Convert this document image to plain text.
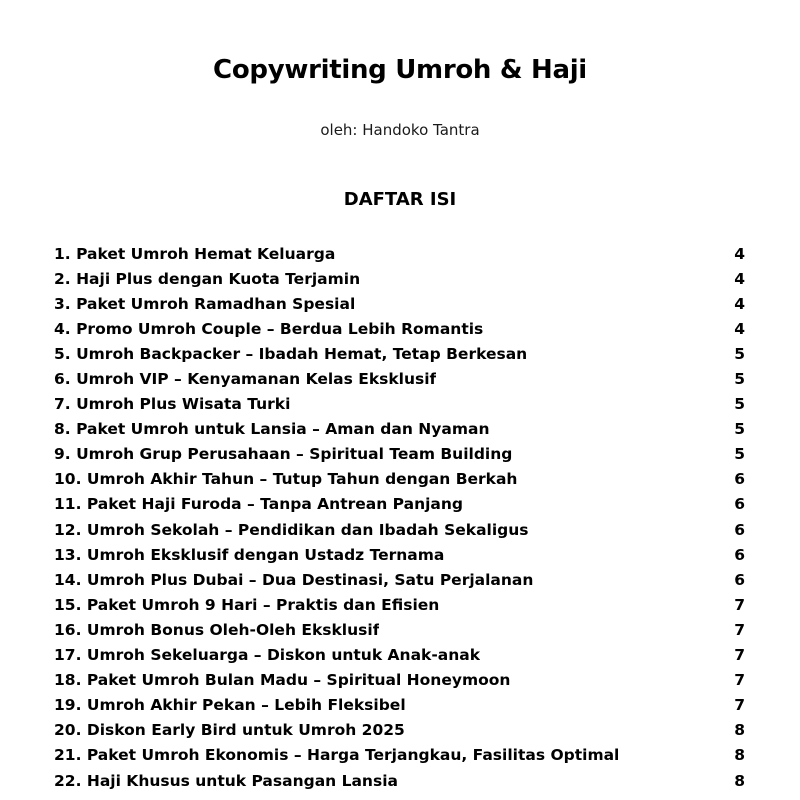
Copywriting Umroh & Haji
oleh: Handoko Tantra
DAFTAR ISI
1. Paket Umroh Hemat Keluarga	4
2. Haji Plus dengan Kuota Terjamin	4
3. Paket Umroh Ramadhan Spesial	4
4. Promo Umroh Couple – Berdua Lebih Romantis	4
5. Umroh Backpacker – Ibadah Hemat, Tetap Berkesan	5
6. Umroh VIP – Kenyamanan Kelas Eksklusif	5
7. Umroh Plus Wisata Turki	5
8. Paket Umroh untuk Lansia – Aman dan Nyaman	5
9. Umroh Grup Perusahaan – Spiritual Team Building	5
10. Umroh Akhir Tahun – Tutup Tahun dengan Berkah	6
11. Paket Haji Furoda – Tanpa Antrean Panjang	6
12. Umroh Sekolah – Pendidikan dan Ibadah Sekaligus	6
13. Umroh Eksklusif dengan Ustadz Ternama	6
14. Umroh Plus Dubai – Dua Destinasi, Satu Perjalanan	6
15. Paket Umroh 9 Hari – Praktis dan Efisien	7
16. Umroh Bonus Oleh-Oleh Eksklusif	7
17. Umroh Sekeluarga – Diskon untuk Anak-anak	7
18. Paket Umroh Bulan Madu – Spiritual Honeymoon	7
19. Umroh Akhir Pekan – Lebih Fleksibel	7
20. Diskon Early Bird untuk Umroh 2025	8
21. Paket Umroh Ekonomis – Harga Terjangkau, Fasilitas Optimal	8
22. Haji Khusus untuk Pasangan Lansia	8
